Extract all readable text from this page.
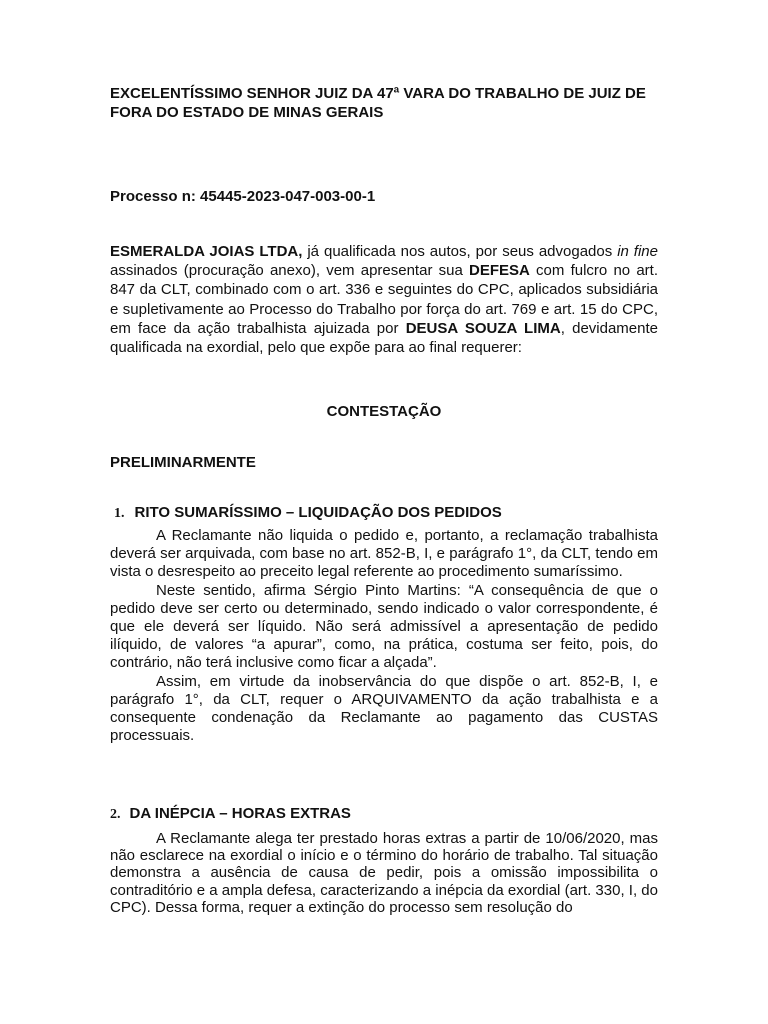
EXCELENTÍSSIMO SENHOR JUIZ DA 47ª VARA DO TRABALHO DE JUIZ DE FORA DO ESTADO DE MINAS GERAIS
Processo n: 45445-2023-047-003-00-1
ESMERALDA JOIAS LTDA, já qualificada nos autos, por seus advogados in fine assinados (procuração anexo), vem apresentar sua DEFESA com fulcro no art. 847 da CLT, combinado com o art. 336 e seguintes do CPC, aplicados subsidiária e supletivamente ao Processo do Trabalho por força do art. 769 e art. 15 do CPC, em face da ação trabalhista ajuizada por DEUSA SOUZA LIMA, devidamente qualificada na exordial, pelo que expõe para ao final requerer:
CONTESTAÇÃO
PRELIMINARMENTE
1. RITO SUMARÍSSIMO – LIQUIDAÇÃO DOS PEDIDOS

A Reclamante não liquida o pedido e, portanto, a reclamação trabalhista deverá ser arquivada, com base no art. 852-B, I, e parágrafo 1°, da CLT, tendo em vista o desrespeito ao preceito legal referente ao procedimento sumaríssimo.

Neste sentido, afirma Sérgio Pinto Martins: “A consequência de que o pedido deve ser certo ou determinado, sendo indicado o valor correspondente, é que ele deverá ser líquido. Não será admissível a apresentação de pedido ilíquido, de valores “a apurar”, como, na prática, costuma ser feito, pois, do contrário, não terá inclusive como ficar a alçada”.

Assim, em virtude da inobservância do que dispõe o art. 852-B, I, e parágrafo 1°, da CLT, requer o ARQUIVAMENTO da ação trabalhista e a consequente condenação da Reclamante ao pagamento das CUSTAS processuais.

2. DA INÉPCIA – HORAS EXTRAS

A Reclamante alega ter prestado horas extras a partir de 10/06/2020, mas não esclarece na exordial o início e o término do horário de trabalho. Tal situação demonstra a ausência de causa de pedir, pois a omissão impossibilita o contraditório e a ampla defesa, caracterizando a inépcia da exordial (art. 330, I, do CPC). Dessa forma, requer a extinção do processo sem resolução do
